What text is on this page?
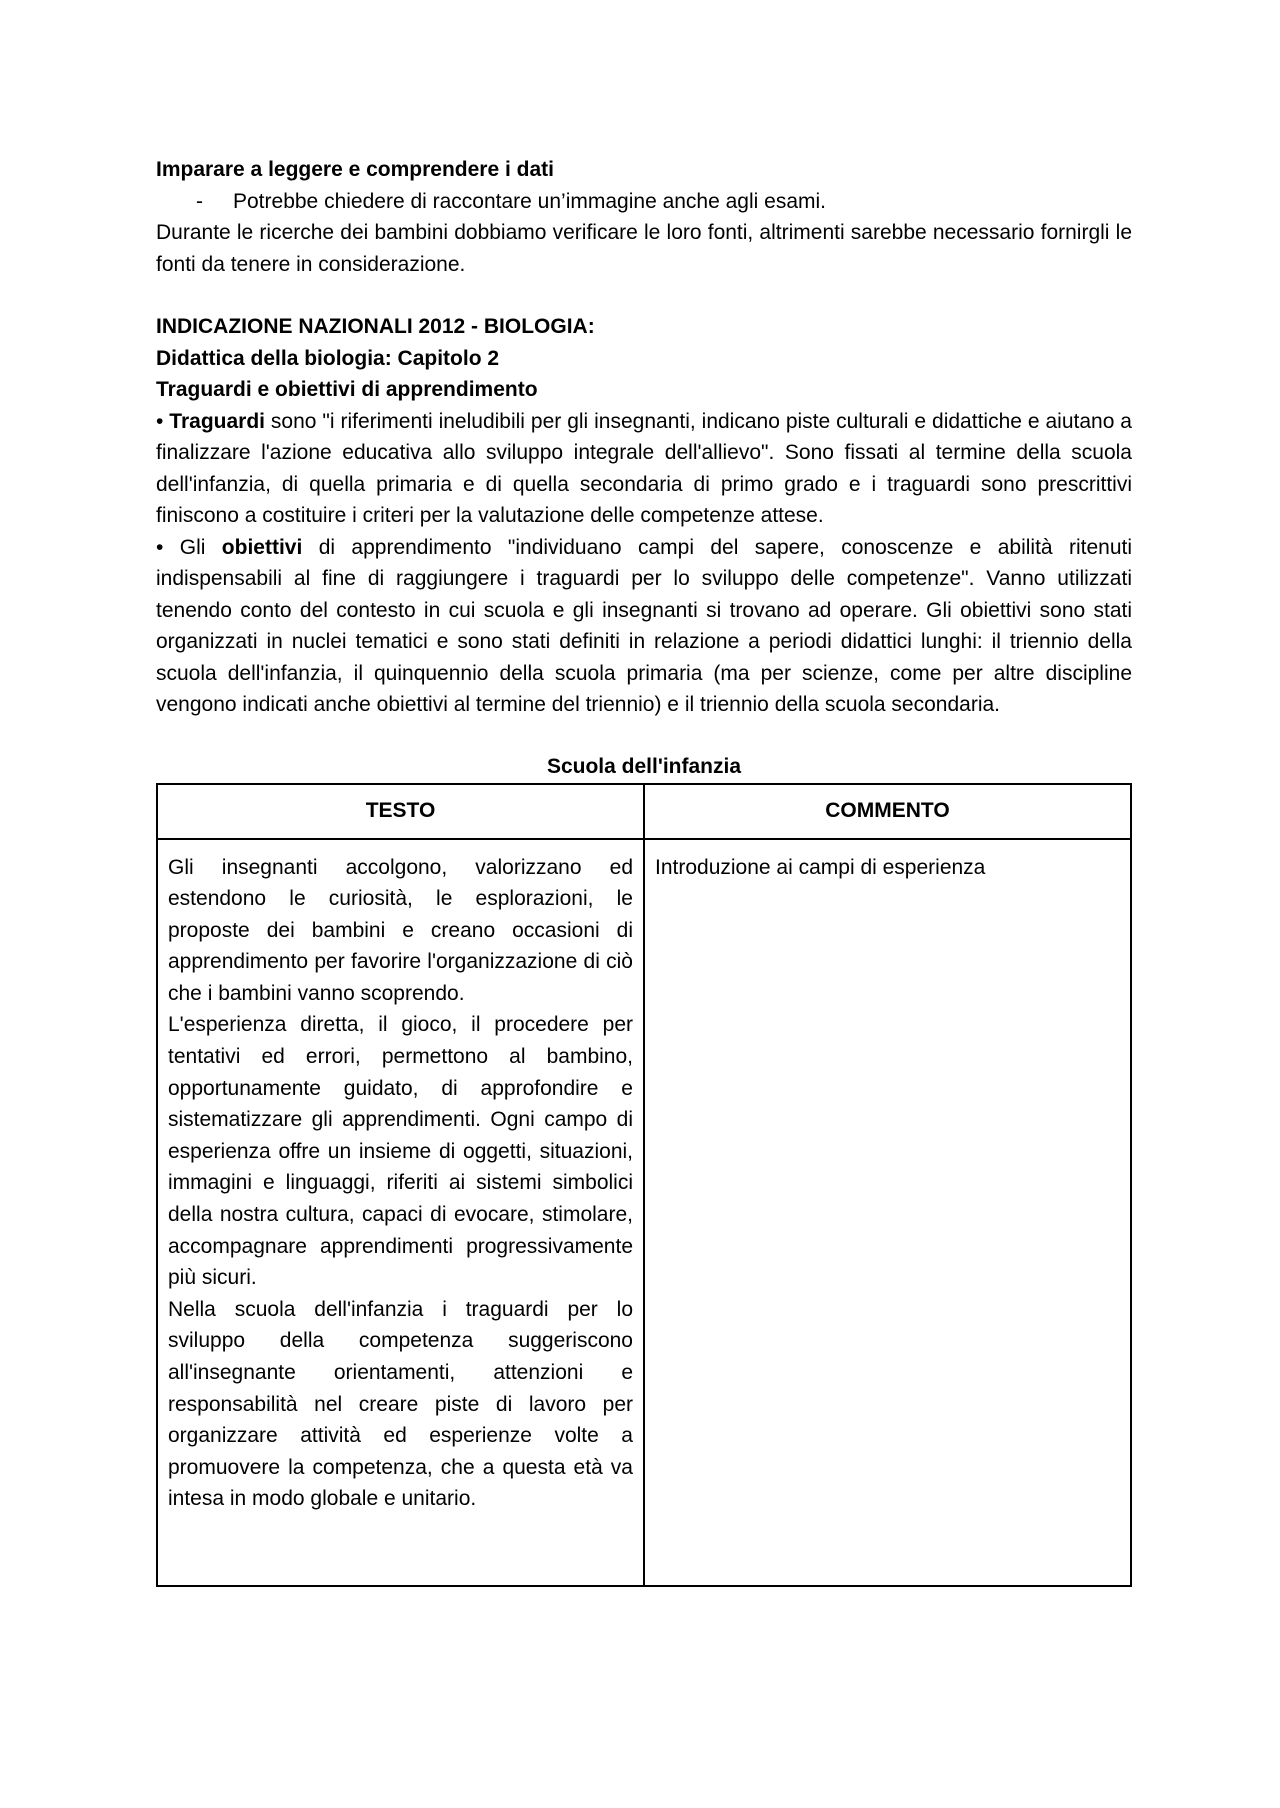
Imparare a leggere e comprendere i dati

-	Potrebbe chiedere di raccontare un’immagine anche agli esami.

Durante le ricerche dei bambini dobbiamo verificare le loro fonti, altrimenti sarebbe necessario fornirgli le fonti da tenere in considerazione.

INDICAZIONE NAZIONALI 2012 - BIOLOGIA:

Didattica della biologia: Capitolo 2

Traguardi e obiettivi di apprendimento

• Traguardi sono "i riferimenti ineludibili per gli insegnanti, indicano piste culturali e didattiche e aiutano a finalizzare l'azione educativa allo sviluppo integrale dell'allievo". Sono fissati al termine della scuola dell'infanzia, di quella primaria e di quella secondaria di primo grado e i traguardi sono prescrittivi finiscono a costituire i criteri per la valutazione delle competenze attese.

• Gli obiettivi di apprendimento "individuano campi del sapere, conoscenze e abilità ritenuti indispensabili al fine di raggiungere i traguardi per lo sviluppo delle competenze". Vanno utilizzati tenendo conto del contesto in cui scuola e gli insegnanti si trovano ad operare. Gli obiettivi sono stati organizzati in nuclei tematici e sono stati definiti in relazione a periodi didattici lunghi: il triennio della scuola dell'infanzia, il quinquennio della scuola primaria (ma per scienze, come per altre discipline vengono indicati anche obiettivi al termine del triennio) e il triennio della scuola secondaria.

Scuola dell'infanzia
TESTO	COMMENTO

Gli insegnanti accolgono, valorizzano ed estendono le curiosità, le esplorazioni, le proposte dei bambini e creano occasioni di apprendimento per favorire l'organizzazione di ciò che i bambini vanno scoprendo.

L'esperienza diretta, il gioco, il procedere per tentativi ed errori, permettono al bambino, opportunamente guidato, di approfondire e sistematizzare gli apprendimenti. Ogni campo di esperienza offre un insieme di oggetti, situazioni, immagini e linguaggi, riferiti ai sistemi simbolici della nostra cultura, capaci di evocare, stimolare, accompagnare apprendimenti progressivamente più sicuri.

Nella scuola dell'infanzia i traguardi per lo sviluppo della competenza suggeriscono all'insegnante orientamenti, attenzioni e responsabilità nel creare piste di lavoro per organizzare attività ed esperienze volte a promuovere la competenza, che a questa età va intesa in modo globale e unitario.	Introduzione ai campi di esperienza
